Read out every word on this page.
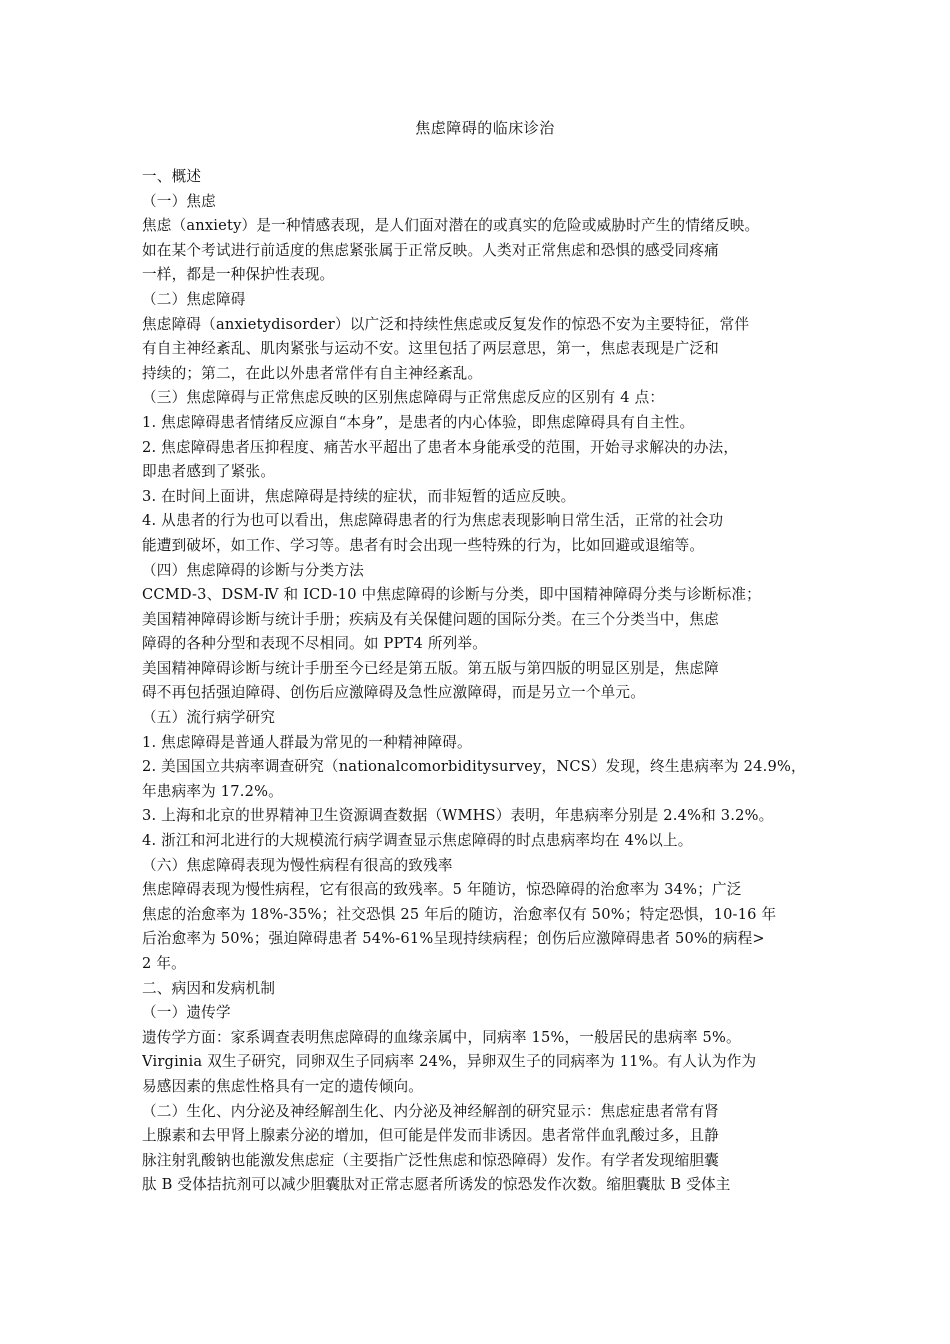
焦虑障碍的临床诊治
一、概述
（一）焦虑
焦虑（anxiety）是一种情感表现，是人们面对潜在的或真实的危险或威胁时产生的情绪反映。
如在某个考试进行前适度的焦虑紧张属于正常反映。人类对正常焦虑和恐惧的感受同疼痛
一样，都是一种保护性表现。
（二）焦虑障碍
焦虑障碍（anxietydisorder）以广泛和持续性焦虑或反复发作的惊恐不安为主要特征，常伴
有自主神经紊乱、肌肉紧张与运动不安。这里包括了两层意思，第一，焦虑表现是广泛和
持续的；第二，在此以外患者常伴有自主神经紊乱。
（三）焦虑障碍与正常焦虑反映的区别焦虑障碍与正常焦虑反应的区别有 4 点：
1. 焦虑障碍患者情绪反应源自“本身”，是患者的内心体验，即焦虑障碍具有自主性。
2. 焦虑障碍患者压抑程度、痛苦水平超出了患者本身能承受的范围，开始寻求解决的办法，
即患者感到了紧张。
3. 在时间上面讲，焦虑障碍是持续的症状，而非短暂的适应反映。
4. 从患者的行为也可以看出，焦虑障碍患者的行为焦虑表现影响日常生活，正常的社会功
能遭到破坏，如工作、学习等。患者有时会出现一些特殊的行为，比如回避或退缩等。
（四）焦虑障碍的诊断与分类方法
CCMD-3、DSM-Ⅳ 和 ICD-10 中焦虑障碍的诊断与分类，即中国精神障碍分类与诊断标准；
美国精神障碍诊断与统计手册；疾病及有关保健问题的国际分类。在三个分类当中，焦虑
障碍的各种分型和表现不尽相同。如 PPT4 所列举。
美国精神障碍诊断与统计手册至今已经是第五版。第五版与第四版的明显区别是，焦虑障
碍不再包括强迫障碍、创伤后应激障碍及急性应激障碍，而是另立一个单元。
（五）流行病学研究
1. 焦虑障碍是普通人群最为常见的一种精神障碍。
2. 美国国立共病率调查研究（nationalcomorbiditysurvey，NCS）发现，终生患病率为 24.9%，
年患病率为 17.2%。
3. 上海和北京的世界精神卫生资源调查数据（WMHS）表明，年患病率分别是 2.4%和 3.2%。
4. 浙江和河北进行的大规模流行病学调查显示焦虑障碍的时点患病率均在 4%以上。
（六）焦虑障碍表现为慢性病程有很高的致残率
焦虑障碍表现为慢性病程，它有很高的致残率。5 年随访，惊恐障碍的治愈率为 34%；广泛
焦虑的治愈率为 18%-35%；社交恐惧 25 年后的随访，治愈率仅有 50%；特定恐惧，10-16 年
后治愈率为 50%；强迫障碍患者 54%-61%呈现持续病程；创伤后应激障碍患者 50%的病程>
2 年。
二、病因和发病机制
（一）遗传学
遗传学方面：家系调查表明焦虑障碍的血缘亲属中，同病率 15%，一般居民的患病率 5%。
Virginia 双生子研究，同卵双生子同病率 24%，异卵双生子的同病率为 11%。有人认为作为
易感因素的焦虑性格具有一定的遗传倾向。
（二）生化、内分泌及神经解剖生化、内分泌及神经解剖的研究显示：焦虑症患者常有肾
上腺素和去甲肾上腺素分泌的增加，但可能是伴发而非诱因。患者常伴血乳酸过多，且静
脉注射乳酸钠也能激发焦虑症（主要指广泛性焦虑和惊恐障碍）发作。有学者发现缩胆囊
肽 B 受体拮抗剂可以减少胆囊肽对正常志愿者所诱发的惊恐发作次数。缩胆囊肽 B 受体主
